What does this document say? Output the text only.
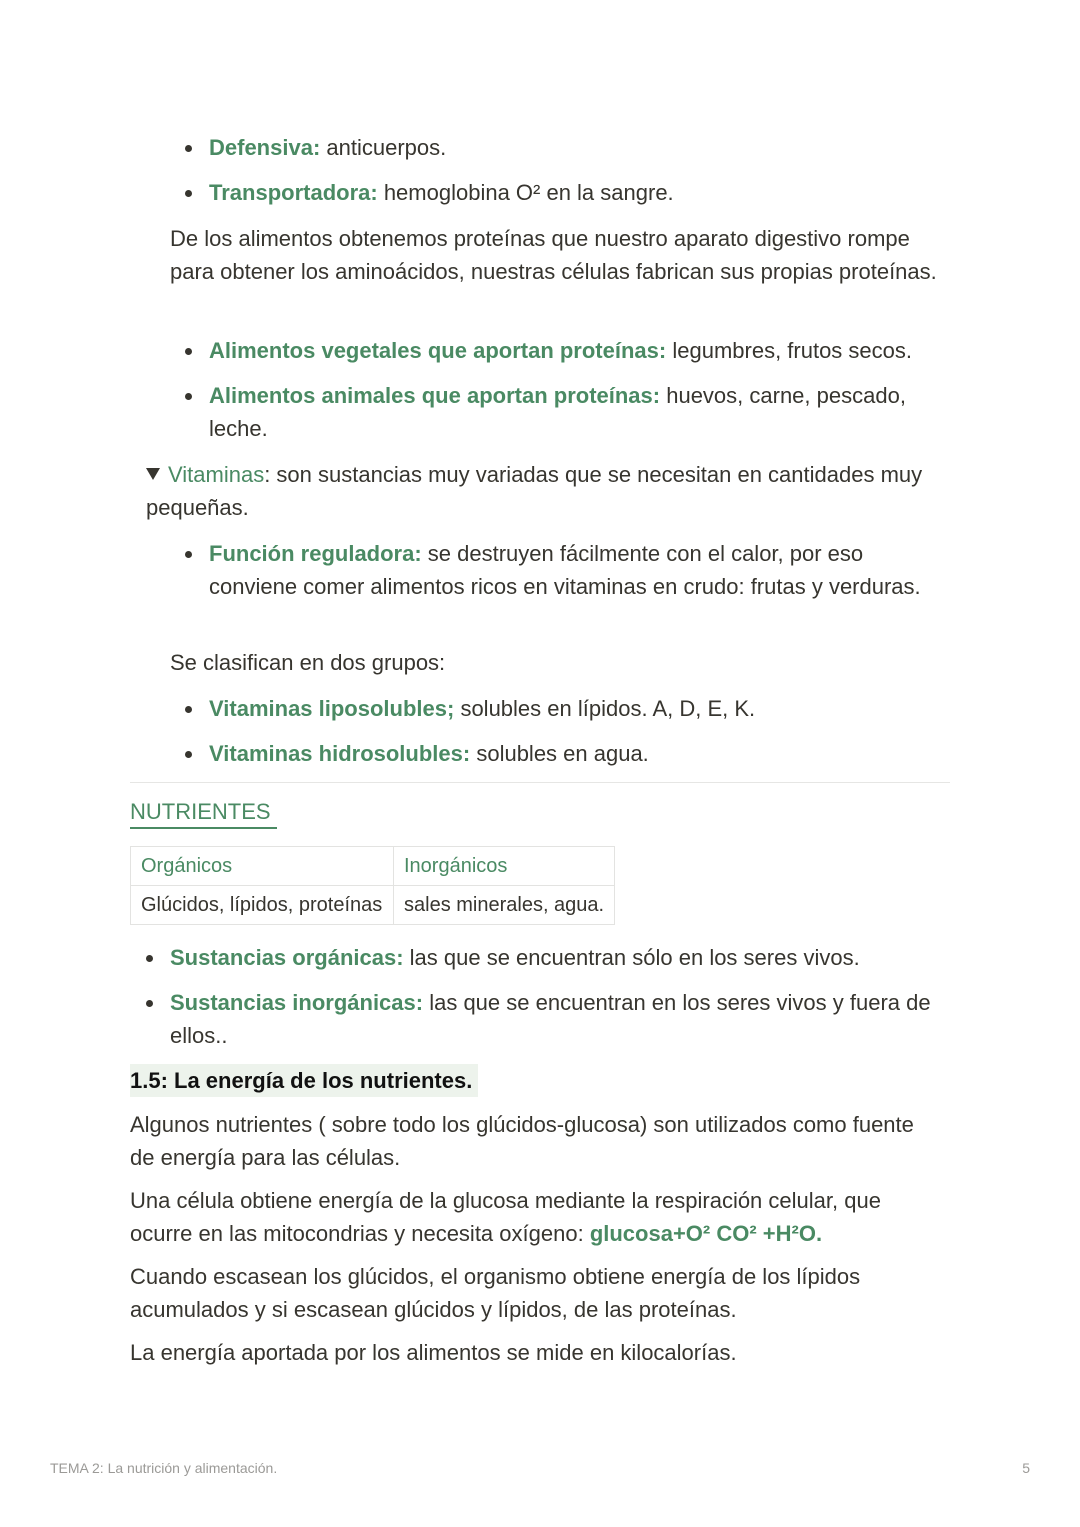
Defensiva: anticuerpos.
Transportadora: hemoglobina O² en la sangre.

De los alimentos obtenemos proteínas que nuestro aparato digestivo rompe para obtener los aminoácidos, nuestras células fabrican sus propias proteínas.

Alimentos vegetales que aportan proteínas: legumbres, frutos secos.
Alimentos animales que aportan proteínas: huevos, carne, pescado, leche.

Vitaminas: son sustancias muy variadas que se necesitan en cantidades muy pequeñas.

Función reguladora: se destruyen fácilmente con el calor, por eso conviene comer alimentos ricos en vitaminas en crudo: frutas y verduras.

Se clasifican en dos grupos:

Vitaminas liposolubles; solubles en lípidos. A, D, E, K.
Vitaminas hidrosolubles: solubles en agua.
NUTRIENTES
Orgánicos	Inorgánicos
Glúcidos, lípidos, proteínas	sales minerales, agua.
Sustancias orgánicas: las que se encuentran sólo en los seres vivos.
Sustancias inorgánicas: las que se encuentran en los seres vivos y fuera de ellos..
1.5: La energía de los nutrientes.

Algunos nutrientes ( sobre todo los glúcidos-glucosa) son utilizados como fuente de energía para las células.

Una célula obtiene energía de la glucosa mediante la respiración celular, que ocurre en las mitocondrias y necesita oxígeno: glucosa+O² CO² +H²O.

Cuando escasean los glúcidos, el organismo obtiene energía de los lípidos acumulados y si escasean glúcidos y lípidos, de las proteínas.

La energía aportada por los alimentos se mide en kilocalorías.

TEMA 2: La nutrición y alimentación.	5
